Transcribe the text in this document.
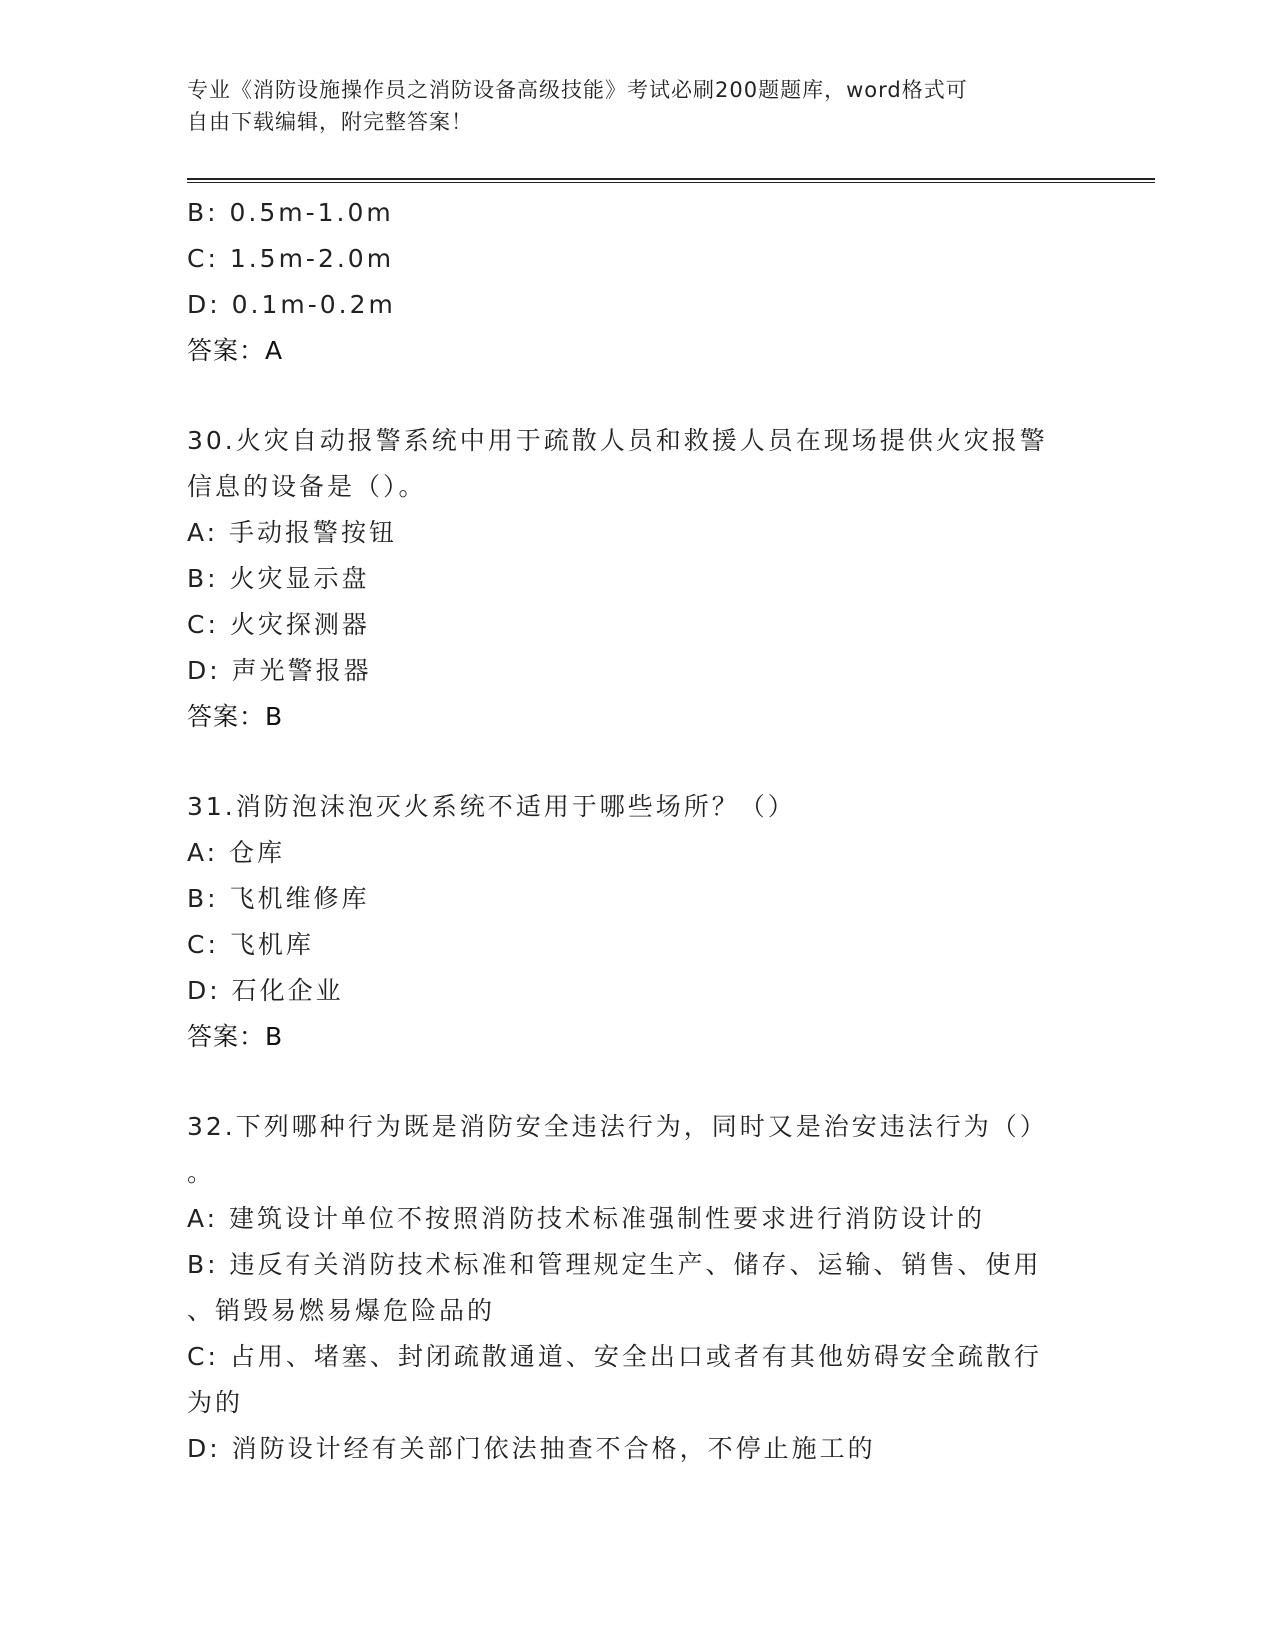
专业《消防设施操作员之消防设备高级技能》考试必刷200题题库，word格式可
自由下载编辑，附完整答案！
B: 0.5m-1.0m
C: 1.5m-2.0m
D: 0.1m-0.2m
答案：A
30.火灾自动报警系统中用于疏散人员和救援人员在现场提供火灾报警
信息的设备是（）。
A: 手动报警按钮
B: 火灾显示盘
C: 火灾探测器
D: 声光警报器
答案：B
31.消防泡沫泡灭火系统不适用于哪些场所？（）
A: 仓库
B: 飞机维修库
C: 飞机库
D: 石化企业
答案：B
32.下列哪种行为既是消防安全违法行为，同时又是治安违法行为（）
。
A: 建筑设计单位不按照消防技术标准强制性要求进行消防设计的
B: 违反有关消防技术标准和管理规定生产、储存、运输、销售、使用
、销毁易燃易爆危险品的
C: 占用、堵塞、封闭疏散通道、安全出口或者有其他妨碍安全疏散行
为的
D: 消防设计经有关部门依法抽查不合格，不停止施工的
